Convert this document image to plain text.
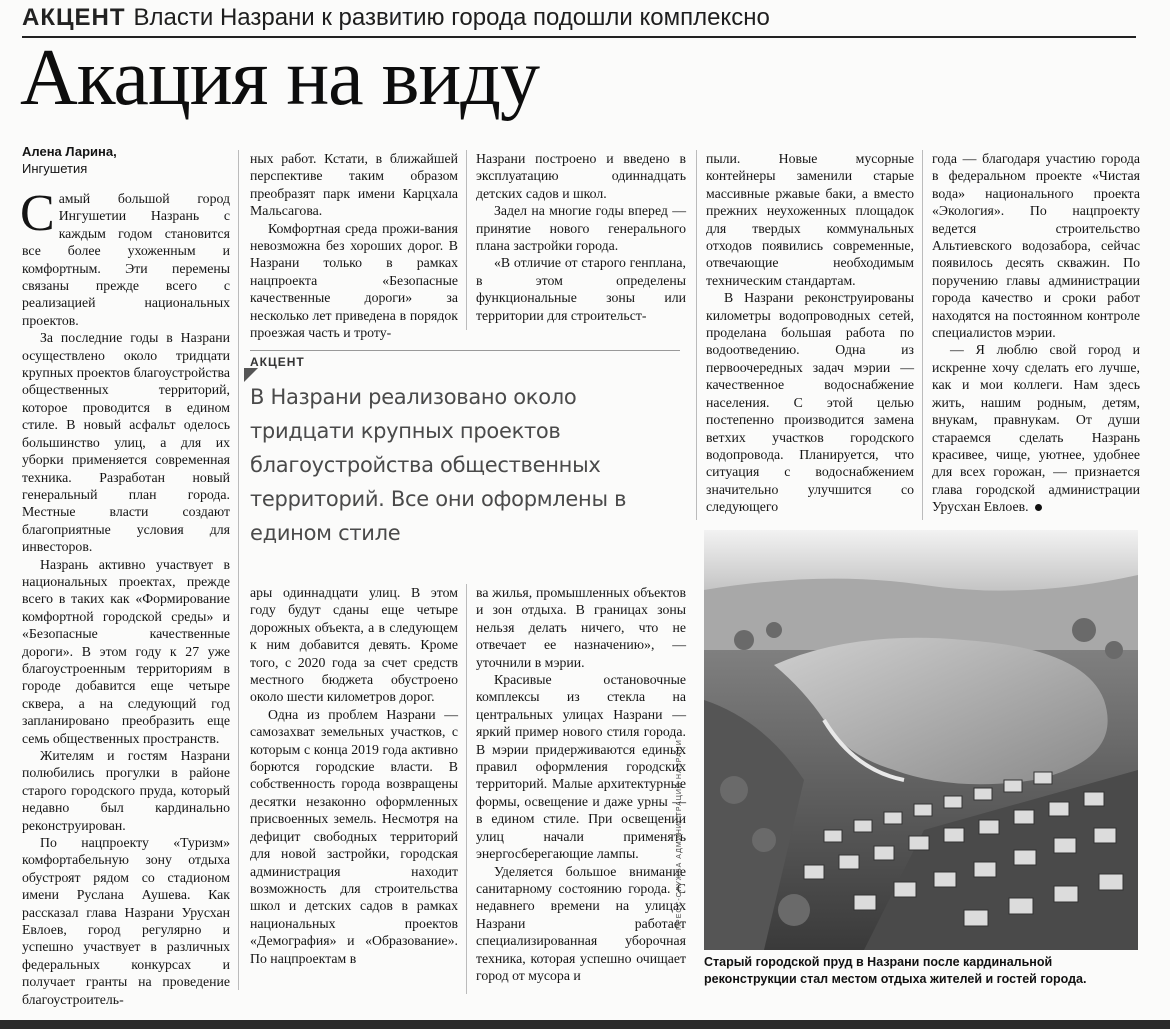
АКЦЕНТ Власти Назрани к развитию города подошли комплексно
Акация на виду
Алена Ларина,
Ингушетия

Самый большой город Ингушетии Назрань с каждым годом становится все более ухоженным и комфортным. Эти перемены связаны прежде всего с реализацией национальных проектов.

За последние годы в Назрани осуществлено около тридцати крупных проектов благоустройства общественных территорий, которое проводится в едином стиле. В новый асфальт оделось большинство улиц, а для их уборки применяется современная техника. Разработан новый генеральный план города. Местные власти создают благоприятные условия для инвесторов.

Назрань активно участвует в национальных проектах, прежде всего в таких как «Формирование комфортной городской среды» и «Безопасные качественные дороги». В этом году к 27 уже благоустроенным территориям в городе добавится еще четыре сквера, а на следующий год запланировано преобразить еще семь общественных пространств.

Жителям и гостям Назрани полюбились прогулки в районе старого городского пруда, который недавно был кардинально реконструирован.

По нацпроекту «Туризм» комфортабельную зону отдыха обустроят рядом со стадионом имени Руслана Аушева. Как рассказал глава Назрани Урусхан Евлоев, город регулярно и успешно участвует в различных федеральных конкурсах и получает гранты на проведение благоустроитель-

ных работ. Кстати, в ближайшей перспективе таким образом преобразят парк имени Карцхала Мальсагова.

Комфортная среда прожи-вания невозможна без хороших дорог. В Назрани только в рамках нацпроекта «Безопасные качественные дороги» за несколько лет приведена в порядок проезжая часть и троту-

Назрани построено и введено в эксплуатацию одиннадцать детских садов и школ.

Задел на многие годы вперед — принятие нового генерального плана застройки города.

«В отличие от старого генплана, в этом определены функциональные зоны или территории для строительст-

АКЦЕНТ
В Назрани реализовано около тридцати крупных проектов благоустройства общественных территорий. Все они оформлены в едином стиле

пыли. Новые мусорные контейнеры заменили старые массивные ржавые баки, а вместо прежних неухоженных площадок для твердых коммунальных отходов появились современные, отвечающие необходимым техническим стандартам.

В Назрани реконструированы километры водопроводных сетей, проделана большая работа по водоотведению. Одна из первоочередных задач мэрии — качественное водоснабжение населения. С этой целью постепенно производится замена ветхих участков городского водопровода. Планируется, что ситуация с водоснабжением значительно улучшится со следующего

года — благодаря участию города в федеральном проекте «Чистая вода» национального проекта «Экология». По нацпроекту ведется строительство Альтиевского водозабора, сейчас появилось десять скважин. По поручению главы администрации города качество и сроки работ находятся на постоянном контроле специалистов мэрии.

— Я люблю свой город и искренне хочу сделать его лучше, как и мои коллеги. Нам здесь жить, нашим родным, детям, внукам, правнукам. От души стараемся сделать Назрань красивее, чище, уютнее, удобнее для всех горожан, — признается глава городской администрации Урусхан Евлоев.

ары одиннадцати улиц. В этом году будут сданы еще четыре дорожных объекта, а в следующем к ним добавится девять. Кроме того, с 2020 года за счет средств местного бюджета обустроено около шести километров дорог.

Одна из проблем Назрани — самозахват земельных участков, с которым с конца 2019 года активно борются городские власти. В собственность города возвращены десятки незаконно оформленных присвоенных земель. Несмотря на дефицит свободных территорий для новой застройки, городская администрация находит возможность для строительства школ и детских садов в рамках национальных проектов «Демография» и «Образование». По нацпроектам в

ва жилья, промышленных объектов и зон отдыха. В границах зоны нельзя делать ничего, что не отвечает ее назначению», — уточнили в мэрии.

Красивые остановочные комплексы из стекла на центральных улицах Назрани — яркий пример нового стиля города. В мэрии придерживаются единых правил оформления городских территорий. Малые архитектурные формы, освещение и даже урны — в едином стиле. При освещении улиц начали применять энергосберегающие лампы.

Уделяется большое внимание санитарному состоянию города. С недавнего времени на улицах Назрани работает специализированная уборочная техника, которая успешно очищает город от мусора и

ПРЕСС-СЛУЖБА АДМИНИСТРАЦИИ НАЗРАНИ
Старый городской пруд в Назрани после кардинальной реконструкции стал местом отдыха жителей и гостей города.
